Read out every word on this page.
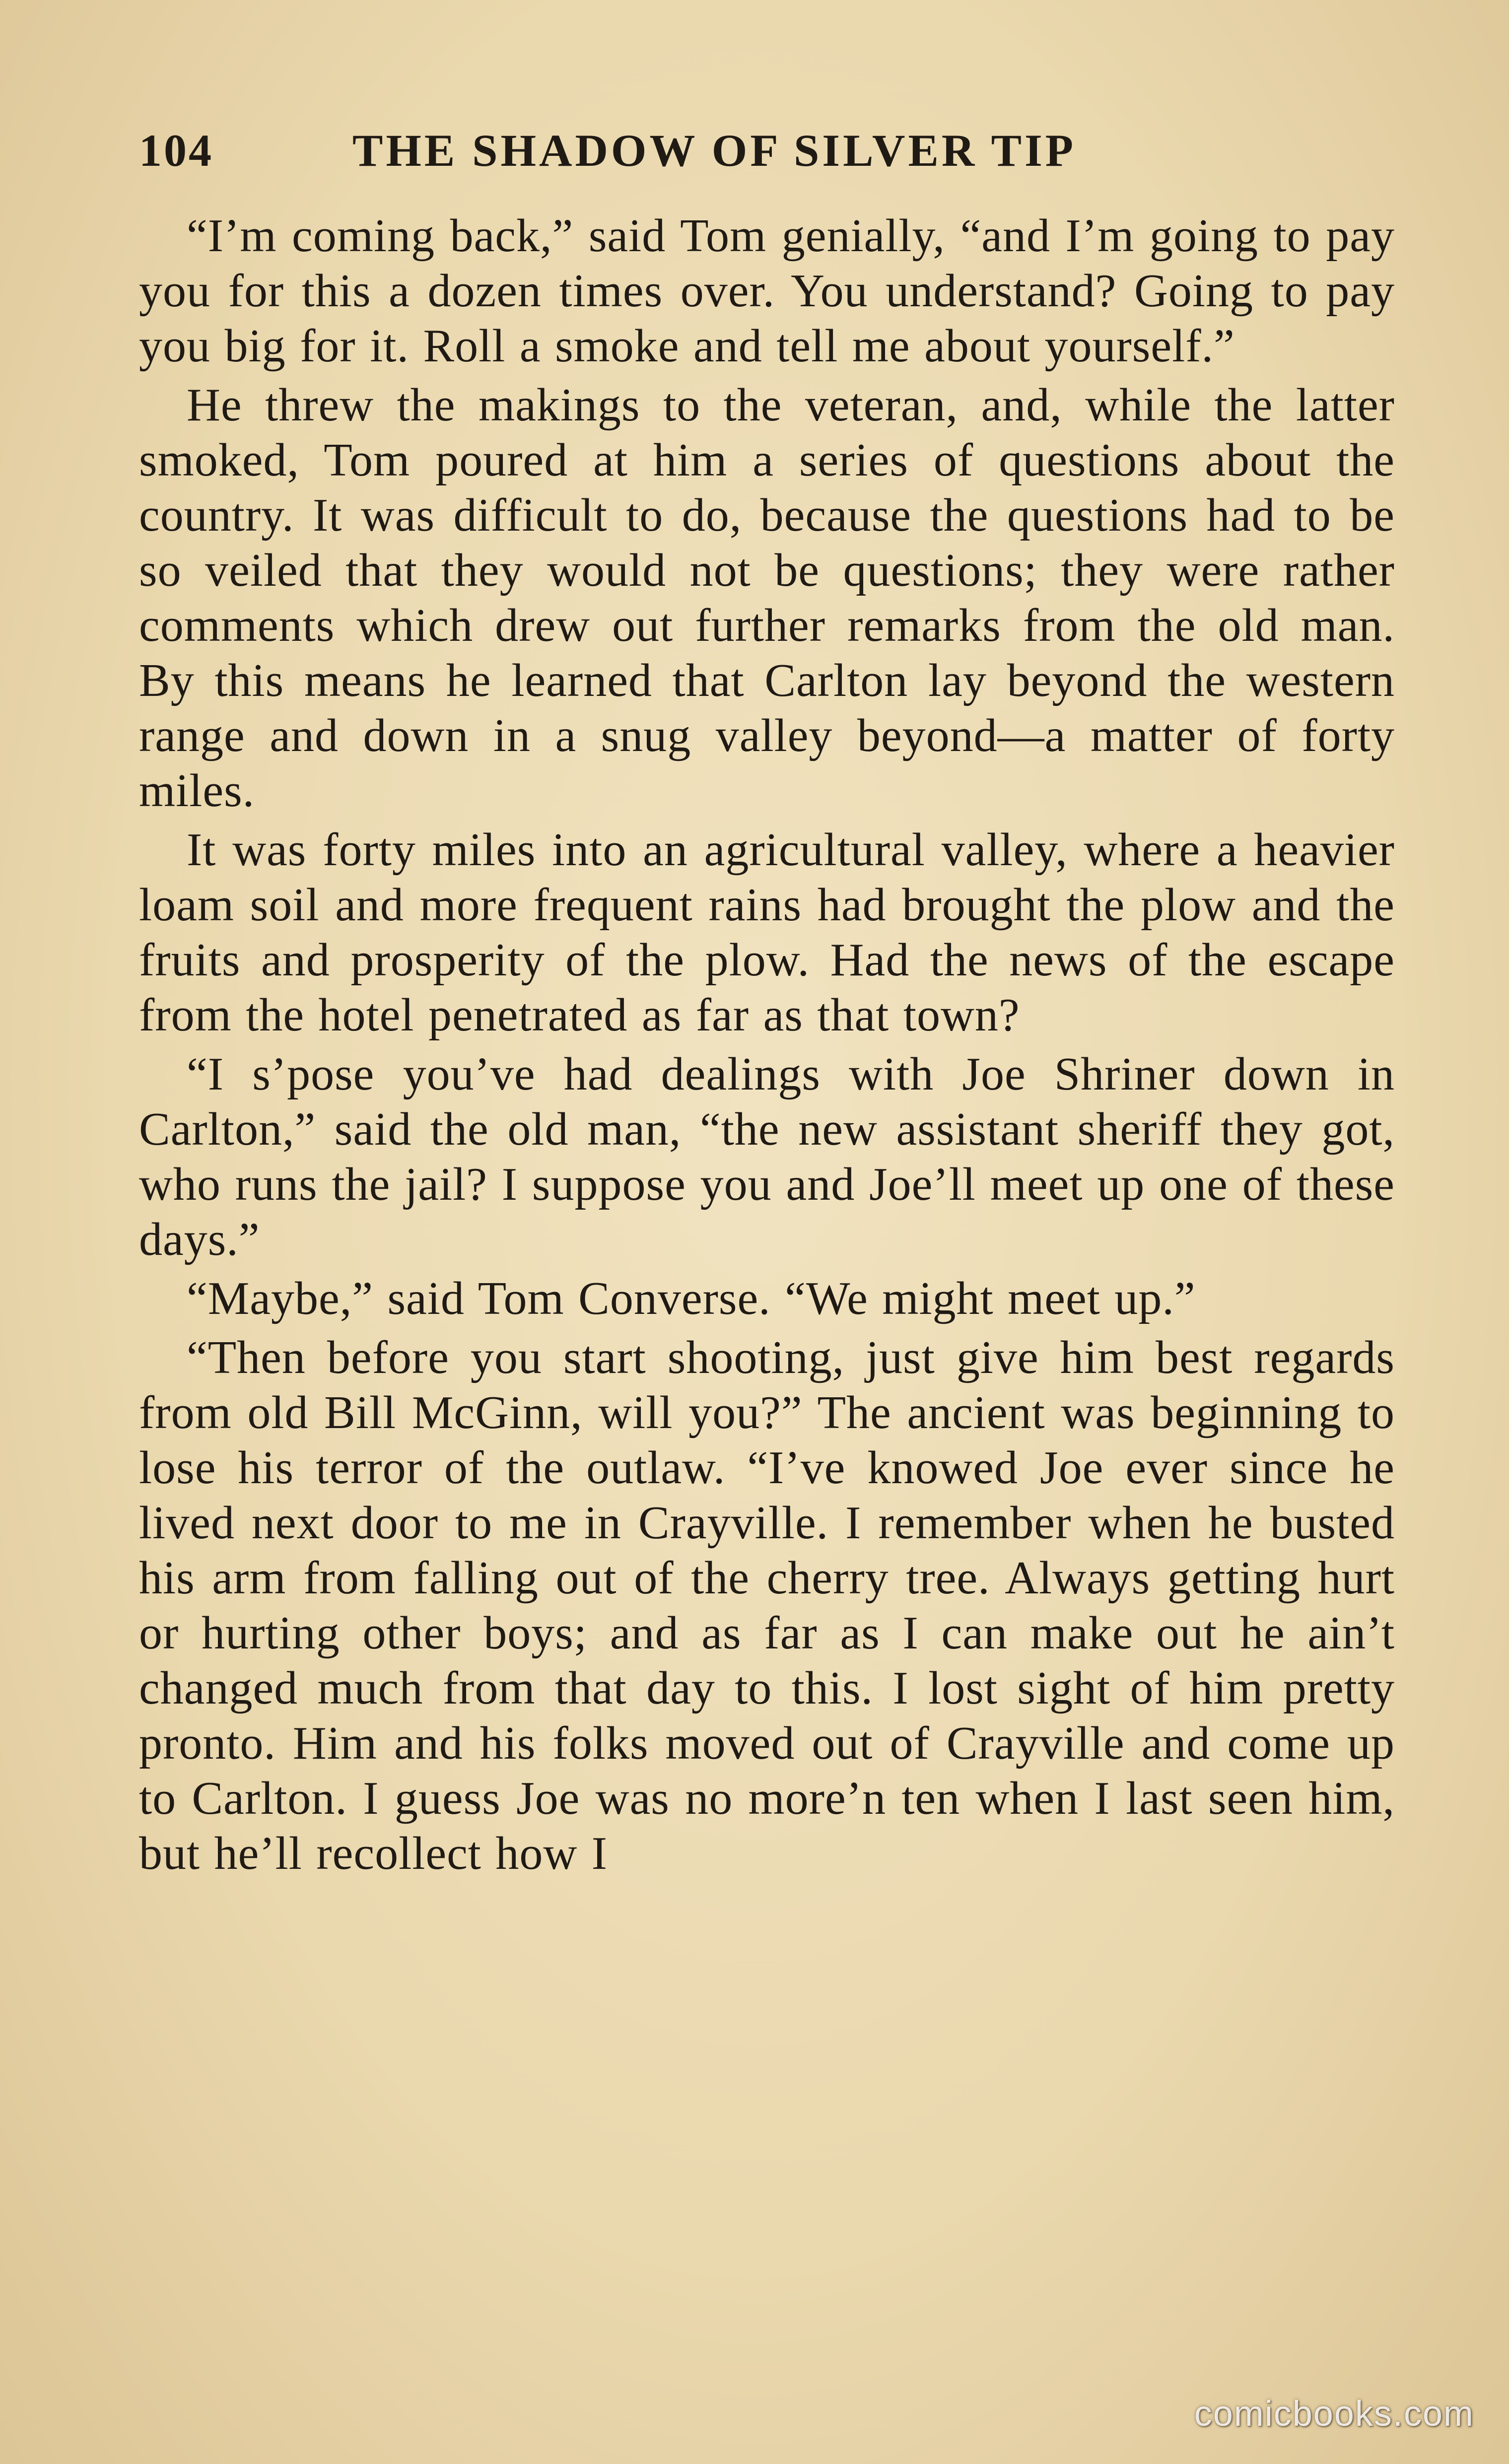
104	THE SHADOW OF SILVER TIP

“I’m coming back,” said Tom genially, “and I’m going to pay you for this a dozen times over. You understand? Going to pay you big for it. Roll a smoke and tell me about yourself.”

He threw the makings to the veteran, and, while the latter smoked, Tom poured at him a series of questions about the country. It was difficult to do, because the questions had to be so veiled that they would not be questions; they were rather comments which drew out further remarks from the old man. By this means he learned that Carlton lay beyond the western range and down in a snug valley beyond—a matter of forty miles.

It was forty miles into an agricultural valley, where a heavier loam soil and more frequent rains had brought the plow and the fruits and prosperity of the plow. Had the news of the escape from the hotel penetrated as far as that town?

“I s’pose you’ve had dealings with Joe Shriner down in Carlton,” said the old man, “the new assistant sheriff they got, who runs the jail? I suppose you and Joe’ll meet up one of these days.”

“Maybe,” said Tom Converse. “We might meet up.”

“Then before you start shooting, just give him best regards from old Bill McGinn, will you?” The ancient was beginning to lose his terror of the outlaw. “I’ve knowed Joe ever since he lived next door to me in Crayville. I remember when he busted his arm from falling out of the cherry tree. Always getting hurt or hurting other boys; and as far as I can make out he ain’t changed much from that day to this. I lost sight of him pretty pronto. Him and his folks moved out of Crayville and come up to Carlton. I guess Joe was no more’n ten when I last seen him, but he’ll recollect how I

comicbooks.com
